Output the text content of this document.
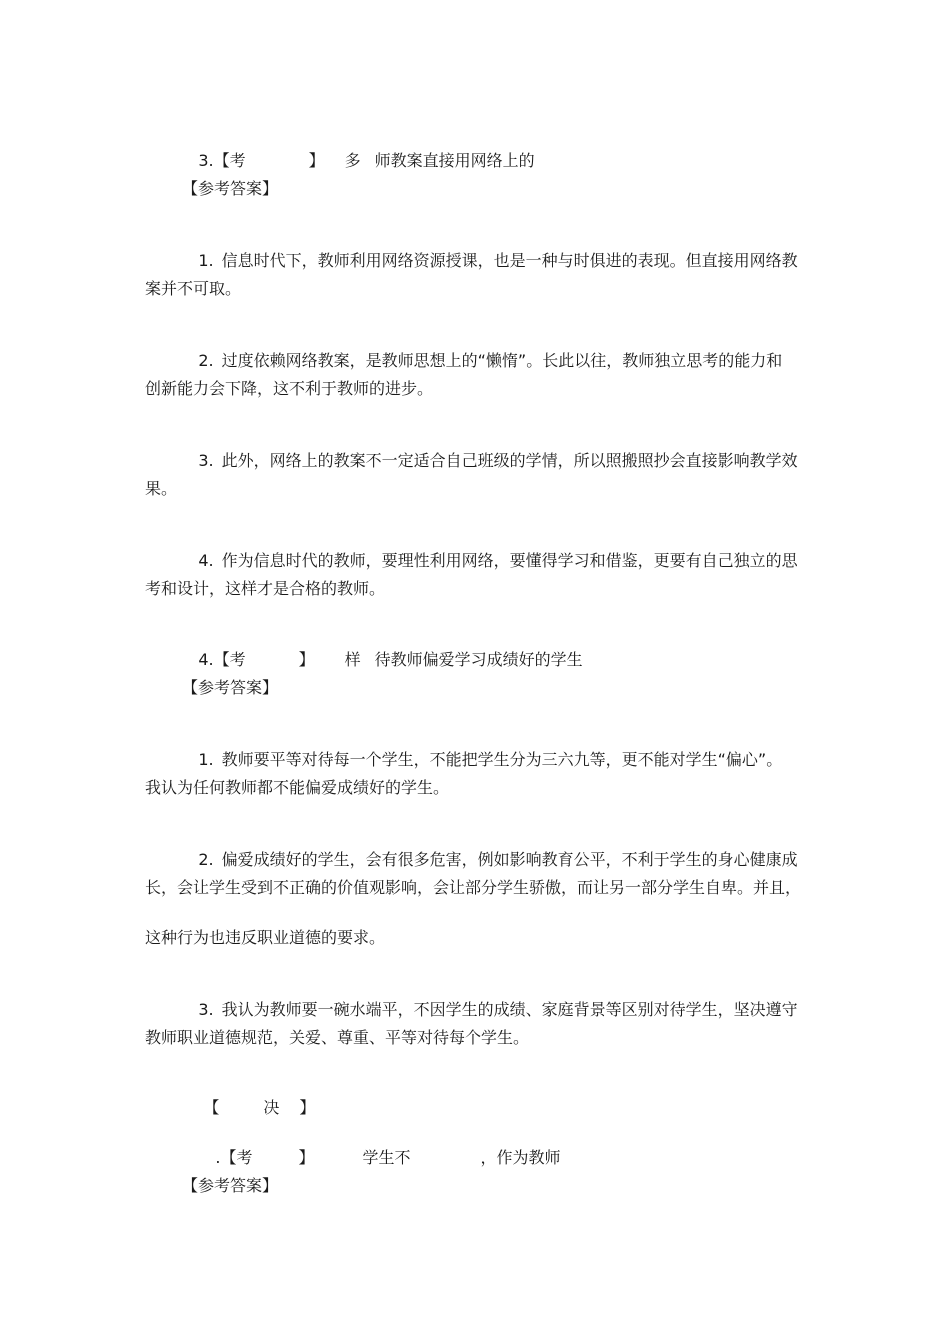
3.【考	】 多 师教案直接用网络上的

【参考答案】

1. 信息时代下，教师利用网络资源授课，也是一种与时俱进的表现。但直接用网络教

案并不可取。

2. 过度依赖网络教案，是教师思想上的“懒惰”。长此以往，教师独立思考的能力和

创新能力会下降，这不利于教师的进步。

3. 此外，网络上的教案不一定适合自己班级的学情，所以照搬照抄会直接影响教学效

果。

4. 作为信息时代的教师，要理性利用网络，要懂得学习和借鉴，更要有自己独立的思

考和设计，这样才是合格的教师。

4.【考	】 样 待教师偏爱学习成绩好的学生

【参考答案】

1. 教师要平等对待每一个学生，不能把学生分为三六九等，更不能对学生“偏心”。

我认为任何教师都不能偏爱成绩好的学生。

2. 偏爱成绩好的学生，会有很多危害，例如影响教育公平，不利于学生的身心健康成

长，会让学生受到不正确的价值观影响，会让部分学生骄傲，而让另一部分学生自卑。并且，
这种行为也违反职业道德的要求。

3. 我认为教师要一碗水端平，不因学生的成绩、家庭背景等区别对待学生，坚决遵守

教师职业道德规范，关爱、尊重、平等对待每个学生。

【	决 】

.【考	】	学生不	，作为教师

【参考答案】
